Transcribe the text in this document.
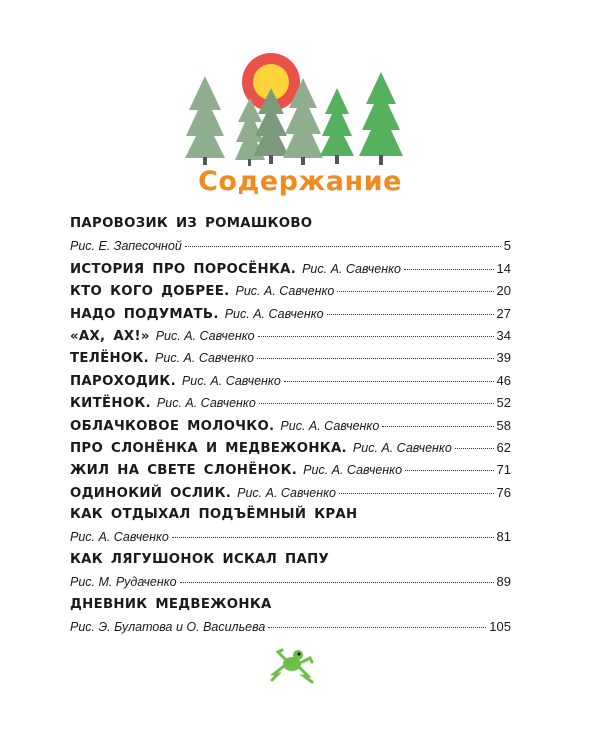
Содержание
ПАРОВОЗИК ИЗ РОМАШКОВО
Рис. Е. Запесочной	5
ИСТОРИЯ ПРО ПОРОСЁНКА. Рис. А. Савченко	14
КТО КОГО ДОБРЕЕ. Рис. А. Савченко	20
НАДО ПОДУМАТЬ. Рис. А. Савченко	27
«АХ, АХ!» Рис. А. Савченко	34
ТЕЛЁНОК. Рис. А. Савченко	39
ПАРОХОДИК. Рис. А. Савченко	46
КИТЁНОК. Рис. А. Савченко	52
ОБЛАЧКОВОЕ МОЛОЧКО. Рис. А. Савченко	58
ПРО СЛОНЁНКА И МЕДВЕЖОНКА. Рис. А. Савченко	62
ЖИЛ НА СВЕТЕ СЛОНЁНОК. Рис. А. Савченко	71
ОДИНОКИЙ ОСЛИК. Рис. А. Савченко	76
КАК ОТДЫХАЛ ПОДЪЁМНЫЙ КРАН
Рис. А. Савченко	81
КАК ЛЯГУШОНОК ИСКАЛ ПАПУ
Рис. М. Рудаченко	89
ДНЕВНИК МЕДВЕЖОНКА
Рис. Э. Булатова и О. Васильева	105
